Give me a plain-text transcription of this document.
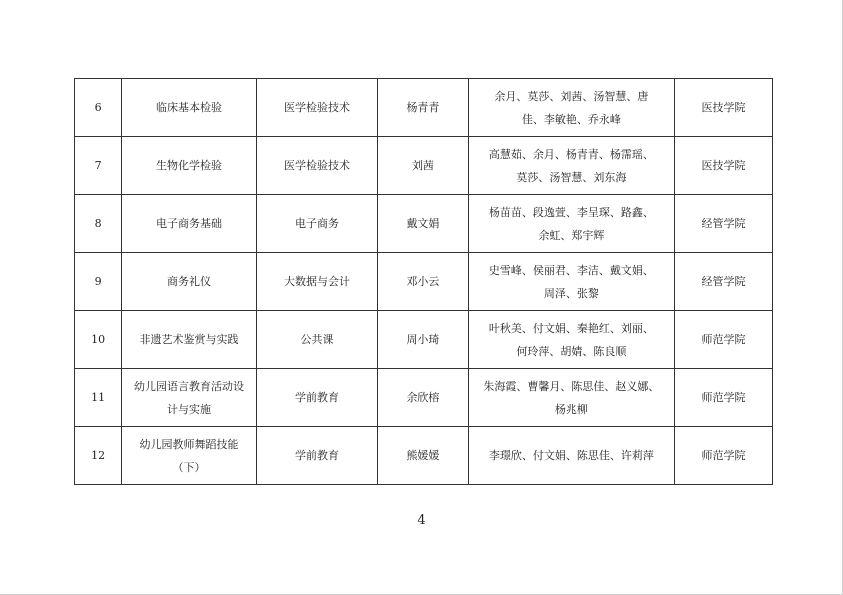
6	临床基本检验	医学检验技术	杨青青	余月、莫莎、刘茜、汤智慧、唐佳、李敏艳、乔永峰	医技学院
7	生物化学检验	医学检验技术	刘茜	高慧茹、余月、杨青青、杨霈瑶、莫莎、汤智慧、刘东海	医技学院
8	电子商务基础	电子商务	戴文娟	杨苗苗、段逸萱、李呈琛、路鑫、余虹、郑宇辉	经管学院
9	商务礼仪	大数据与会计	邓小云	史雪峰、侯丽君、李洁、戴文娟、周泽、张黎	经管学院
10	非遗艺术鉴赏与实践	公共课	周小琦	叶秋美、付文娟、秦艳红、刘丽、何玲萍、胡婧、陈良顺	师范学院
11	幼儿园语言教育活动设计与实施	学前教育	余欣榕	朱海霞、曹馨月、陈思佳、赵义娜、杨兆柳	师范学院
12	幼儿园教师舞蹈技能（下）	学前教育	熊媛媛	李璟欣、付文娟、陈思佳、许莉萍	师范学院
4
